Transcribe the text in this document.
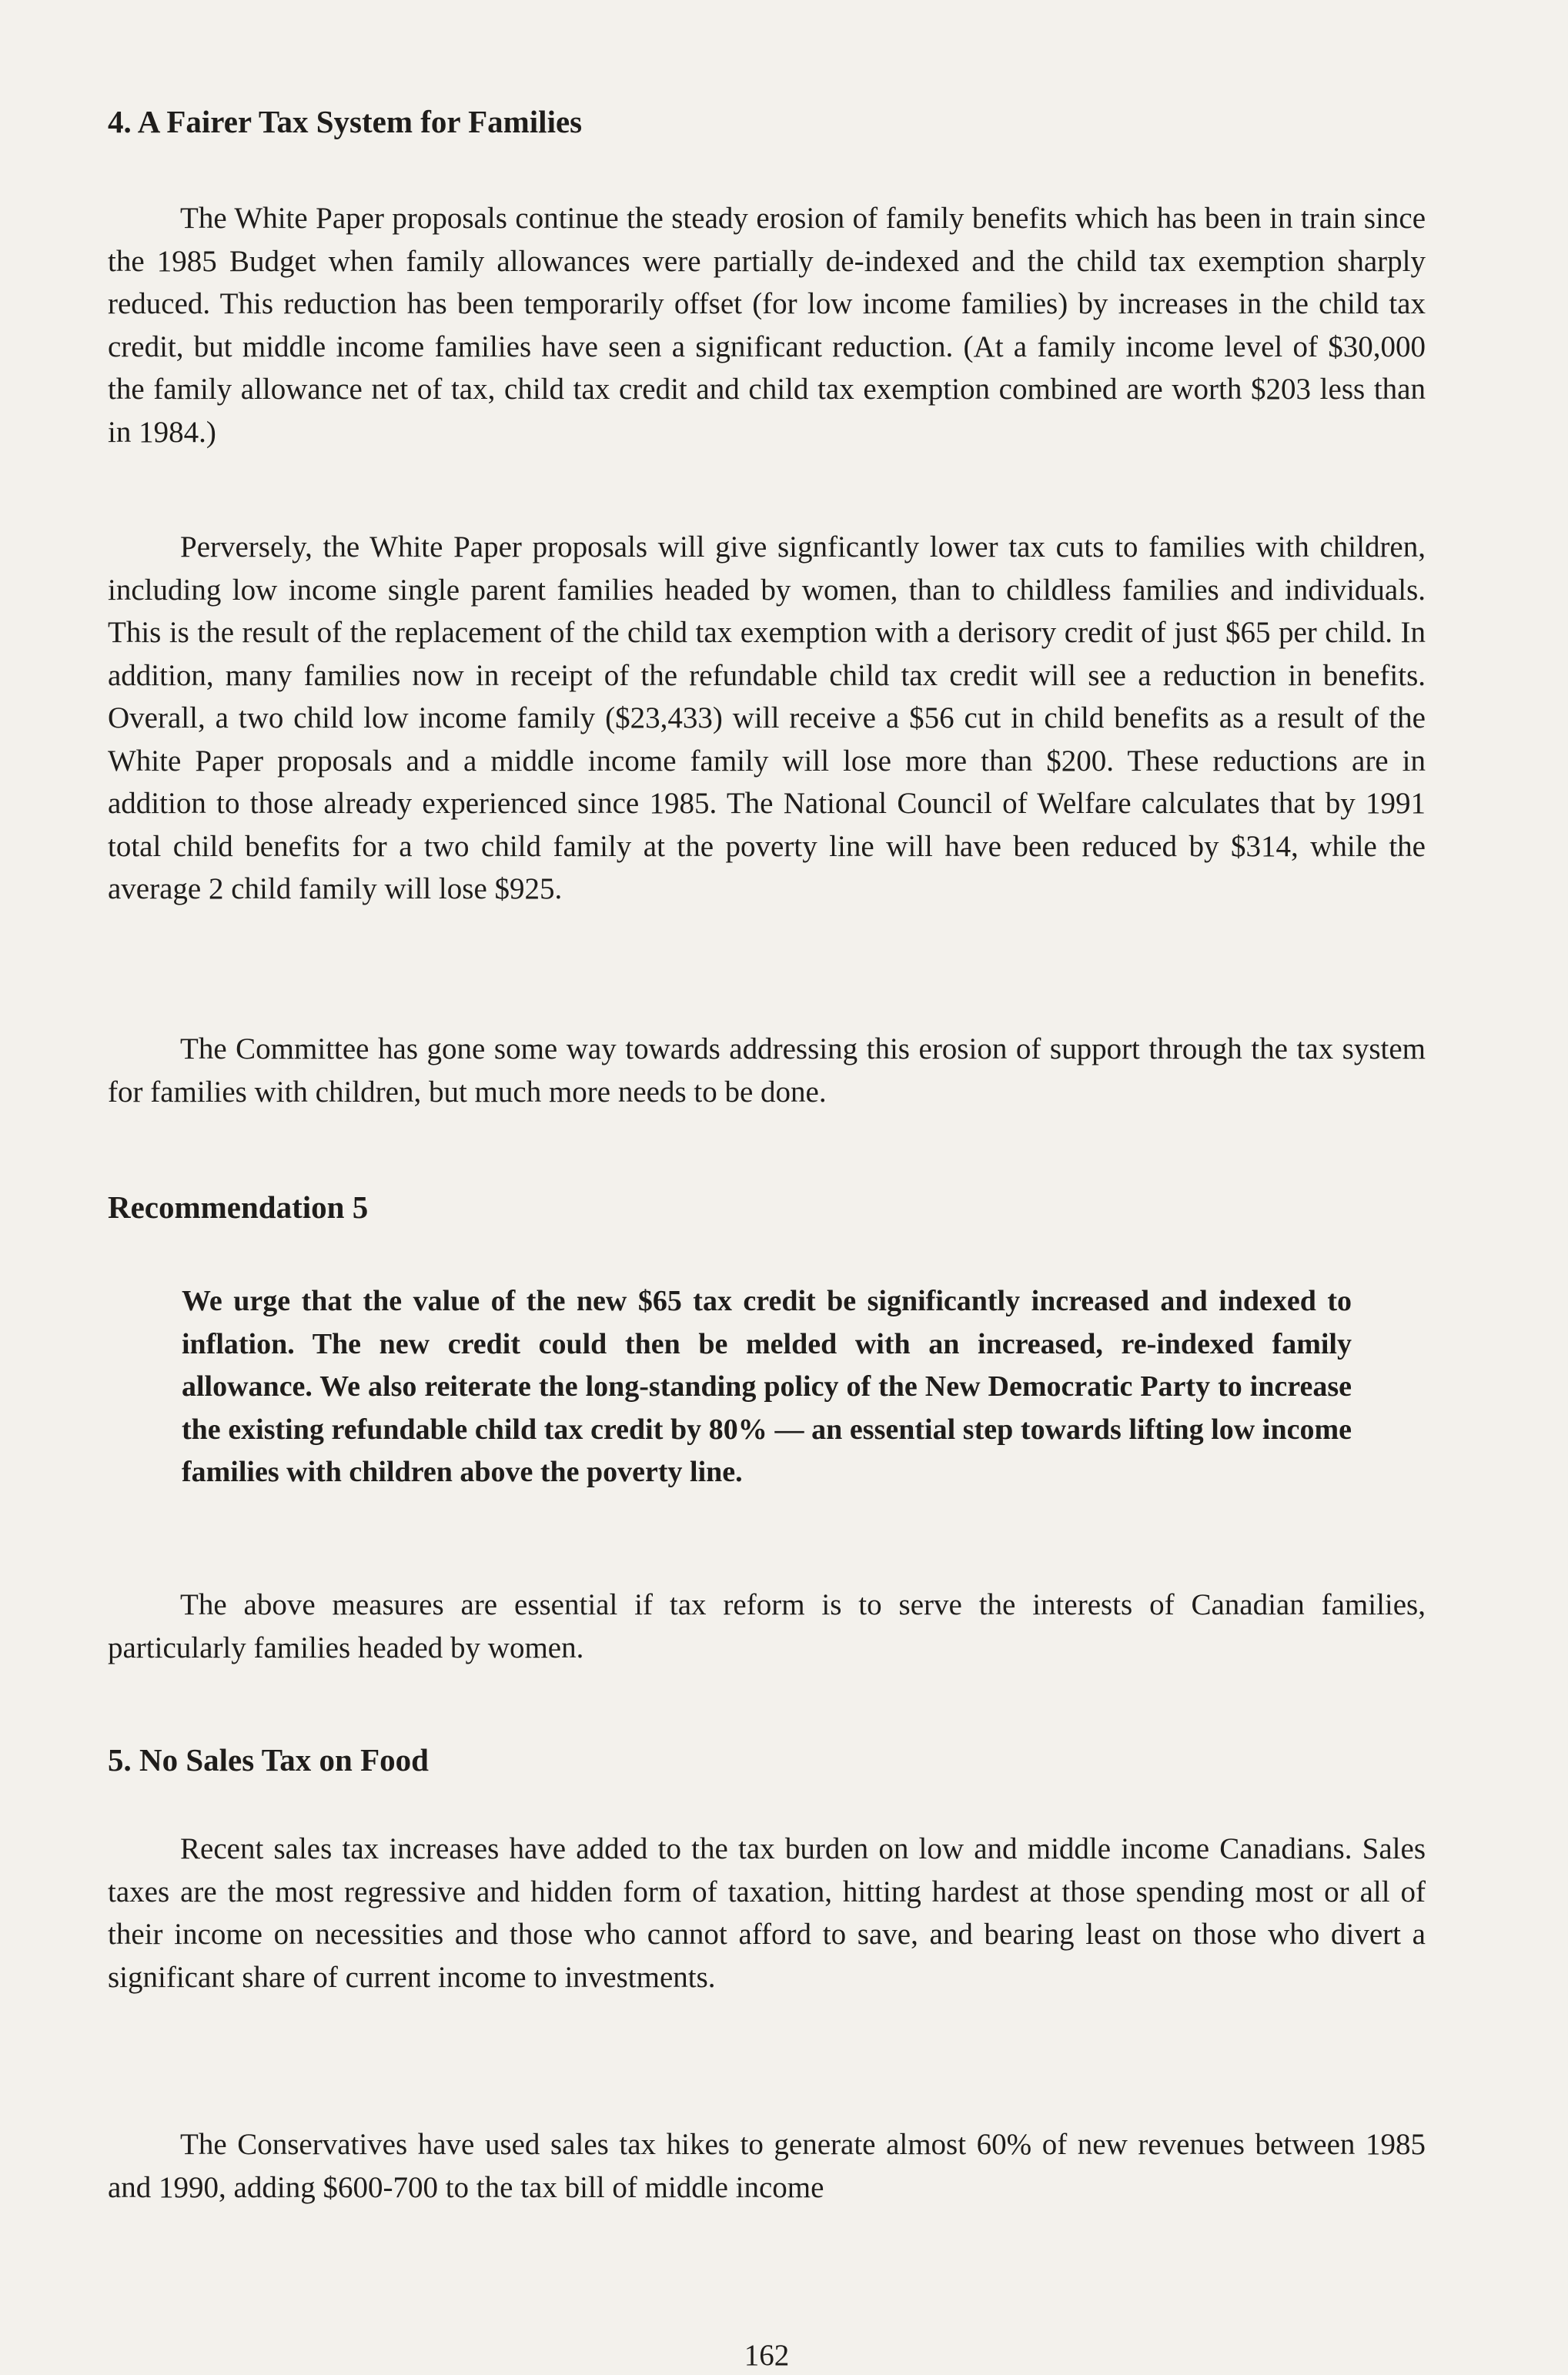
4. A Fairer Tax System for Families

The White Paper proposals continue the steady erosion of family benefits which has been in train since the 1985 Budget when family allowances were partially de-indexed and the child tax exemption sharply reduced. This reduction has been temporarily offset (for low income families) by increases in the child tax credit, but middle income families have seen a significant reduction. (At a family income level of $30,000 the family allowance net of tax, child tax credit and child tax exemption combined are worth $203 less than in 1984.)

Perversely, the White Paper proposals will give signficantly lower tax cuts to families with children, including low income single parent families headed by women, than to childless families and individuals. This is the result of the replacement of the child tax exemption with a derisory credit of just $65 per child. In addition, many families now in receipt of the refundable child tax credit will see a reduction in benefits. Overall, a two child low income family ($23,433) will receive a $56 cut in child benefits as a result of the White Paper proposals and a middle income family will lose more than $200. These reductions are in addition to those already experienced since 1985. The National Council of Welfare calculates that by 1991 total child benefits for a two child family at the poverty line will have been reduced by $314, while the average 2 child family will lose $925.

The Committee has gone some way towards addressing this erosion of support through the tax system for families with children, but much more needs to be done.

Recommendation 5

We urge that the value of the new $65 tax credit be significantly increased and indexed to inflation. The new credit could then be melded with an increased, re-indexed family allowance. We also reiterate the long-standing policy of the New Democratic Party to increase the existing refundable child tax credit by 80% — an essential step towards lifting low income families with children above the poverty line.

The above measures are essential if tax reform is to serve the interests of Canadian families, particularly families headed by women.

5. No Sales Tax on Food

Recent sales tax increases have added to the tax burden on low and middle income Canadians. Sales taxes are the most regressive and hidden form of taxation, hitting hardest at those spending most or all of their income on necessities and those who cannot afford to save, and bearing least on those who divert a significant share of current income to investments.

The Conservatives have used sales tax hikes to generate almost 60% of new revenues between 1985 and 1990, adding $600-700 to the tax bill of middle income

162
